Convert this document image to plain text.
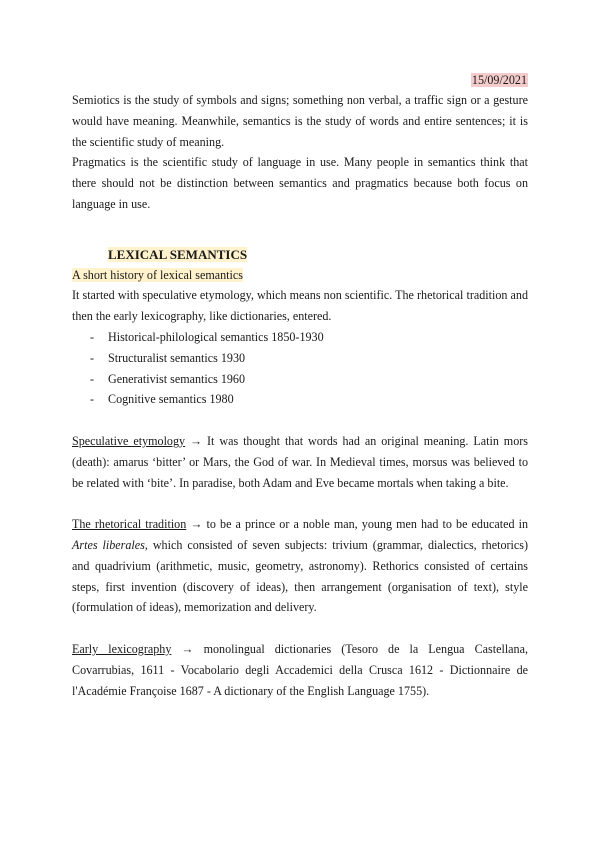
15/09/2021

Semiotics is the study of symbols and signs; something non verbal, a traffic sign or a gesture would have meaning. Meanwhile, semantics is the study of words and entire sentences; it is the scientific study of meaning.

Pragmatics is the scientific study of language in use. Many people in semantics think that there should not be distinction between semantics and pragmatics because both focus on language in use.

LEXICAL SEMANTICS
A short history of lexical semantics

It started with speculative etymology, which means non scientific. The rhetorical tradition and then the early lexicography, like dictionaries, entered.

- Historical-philological semantics 1850-1930
- Structuralist semantics 1930
- Generativist semantics 1960
- Cognitive semantics 1980

Speculative etymology → It was thought that words had an original meaning. Latin mors (death): amarus ‘bitter’ or Mars, the God of war. In Medieval times, morsus was believed to be related with ‘bite’. In paradise, both Adam and Eve became mortals when taking a bite.

The rhetorical tradition → to be a prince or a noble man, young men had to be educated in Artes liberales, which consisted of seven subjects: trivium (grammar, dialectics, rhetorics) and quadrivium (arithmetic, music, geometry, astronomy). Rethorics consisted of certains steps, first invention (discovery of ideas), then arrangement (organisation of text), style (formulation of ideas), memorization and delivery.

Early lexicography → monolingual dictionaries (Tesoro de la Lengua Castellana, Covarrubias, 1611 - Vocabolario degli Accademici della Crusca 1612 - Dictionnaire de l'Académie Françoise 1687 - A dictionary of the English Language 1755).
